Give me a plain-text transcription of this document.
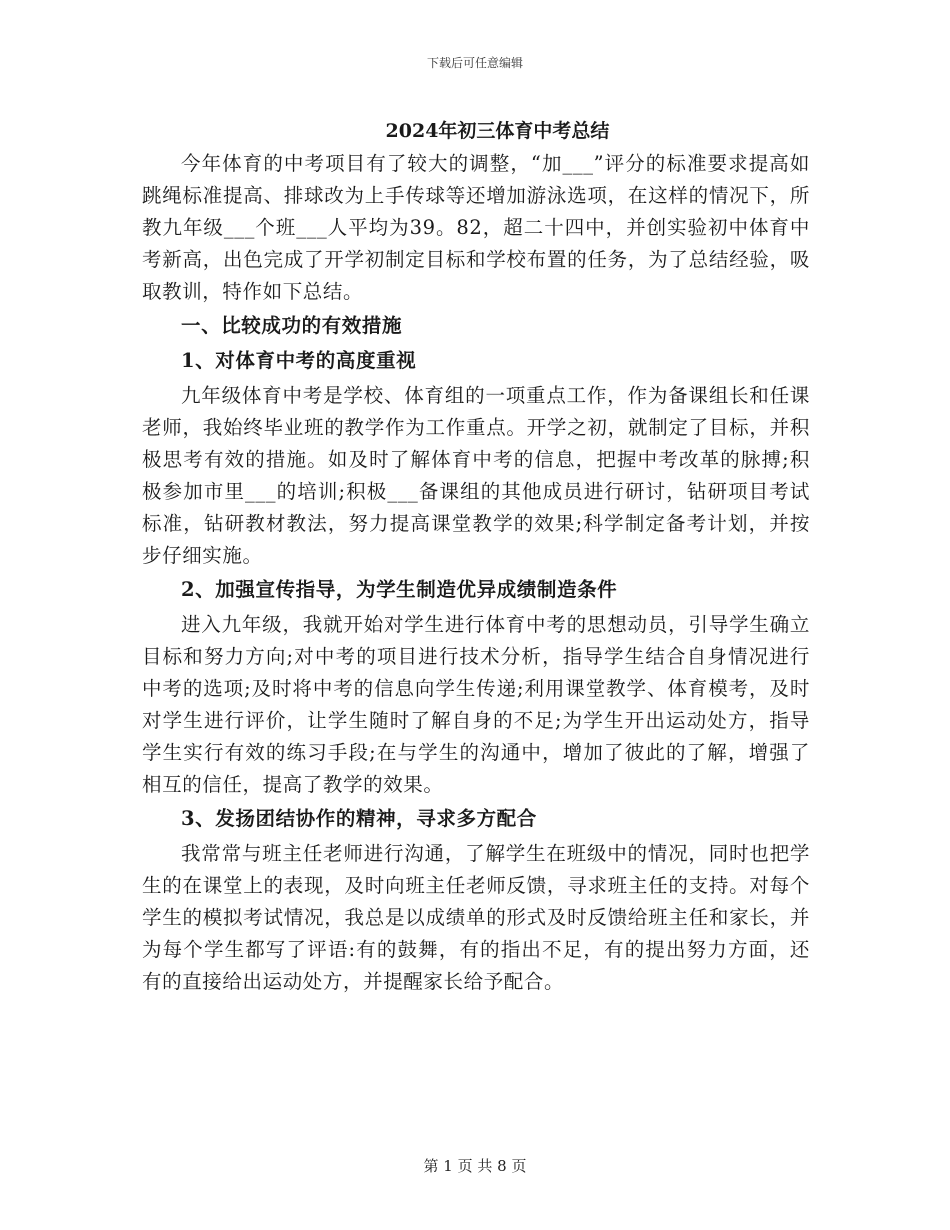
下载后可任意编辑
2024年初三体育中考总结

今年体育的中考项目有了较大的调整，“加___”评分的标准要求提高如跳绳标准提高、排球改为上手传球等还增加游泳选项，在这样的情况下，所教九年级___个班___人平均为39。82，超二十四中，并创实验初中体育中考新高，出色完成了开学初制定目标和学校布置的任务，为了总结经验，吸取教训，特作如下总结。

一、比较成功的有效措施
1、对体育中考的高度重视

九年级体育中考是学校、体育组的一项重点工作，作为备课组长和任课老师，我始终毕业班的教学作为工作重点。开学之初，就制定了目标，并积极思考有效的措施。如及时了解体育中考的信息，把握中考改革的脉搏;积极参加市里___的培训;积极___备课组的其他成员进行研讨，钻研项目考试标准，钻研教材教法，努力提高课堂教学的效果;科学制定备考计划，并按步仔细实施。

2、加强宣传指导，为学生制造优异成绩制造条件

进入九年级，我就开始对学生进行体育中考的思想动员，引导学生确立目标和努力方向;对中考的项目进行技术分析，指导学生结合自身情况进行中考的选项;及时将中考的信息向学生传递;利用课堂教学、体育模考，及时对学生进行评价，让学生随时了解自身的不足;为学生开出运动处方，指导学生实行有效的练习手段;在与学生的沟通中，增加了彼此的了解，增强了相互的信任，提高了教学的效果。

3、发扬团结协作的精神，寻求多方配合

我常常与班主任老师进行沟通，了解学生在班级中的情况，同时也把学生的在课堂上的表现，及时向班主任老师反馈，寻求班主任的支持。对每个学生的模拟考试情况，我总是以成绩单的形式及时反馈给班主任和家长，并为每个学生都写了评语:有的鼓舞，有的指出不足，有的提出努力方面，还有的直接给出运动处方，并提醒家长给予配合。

第 1 页 共 8 页
